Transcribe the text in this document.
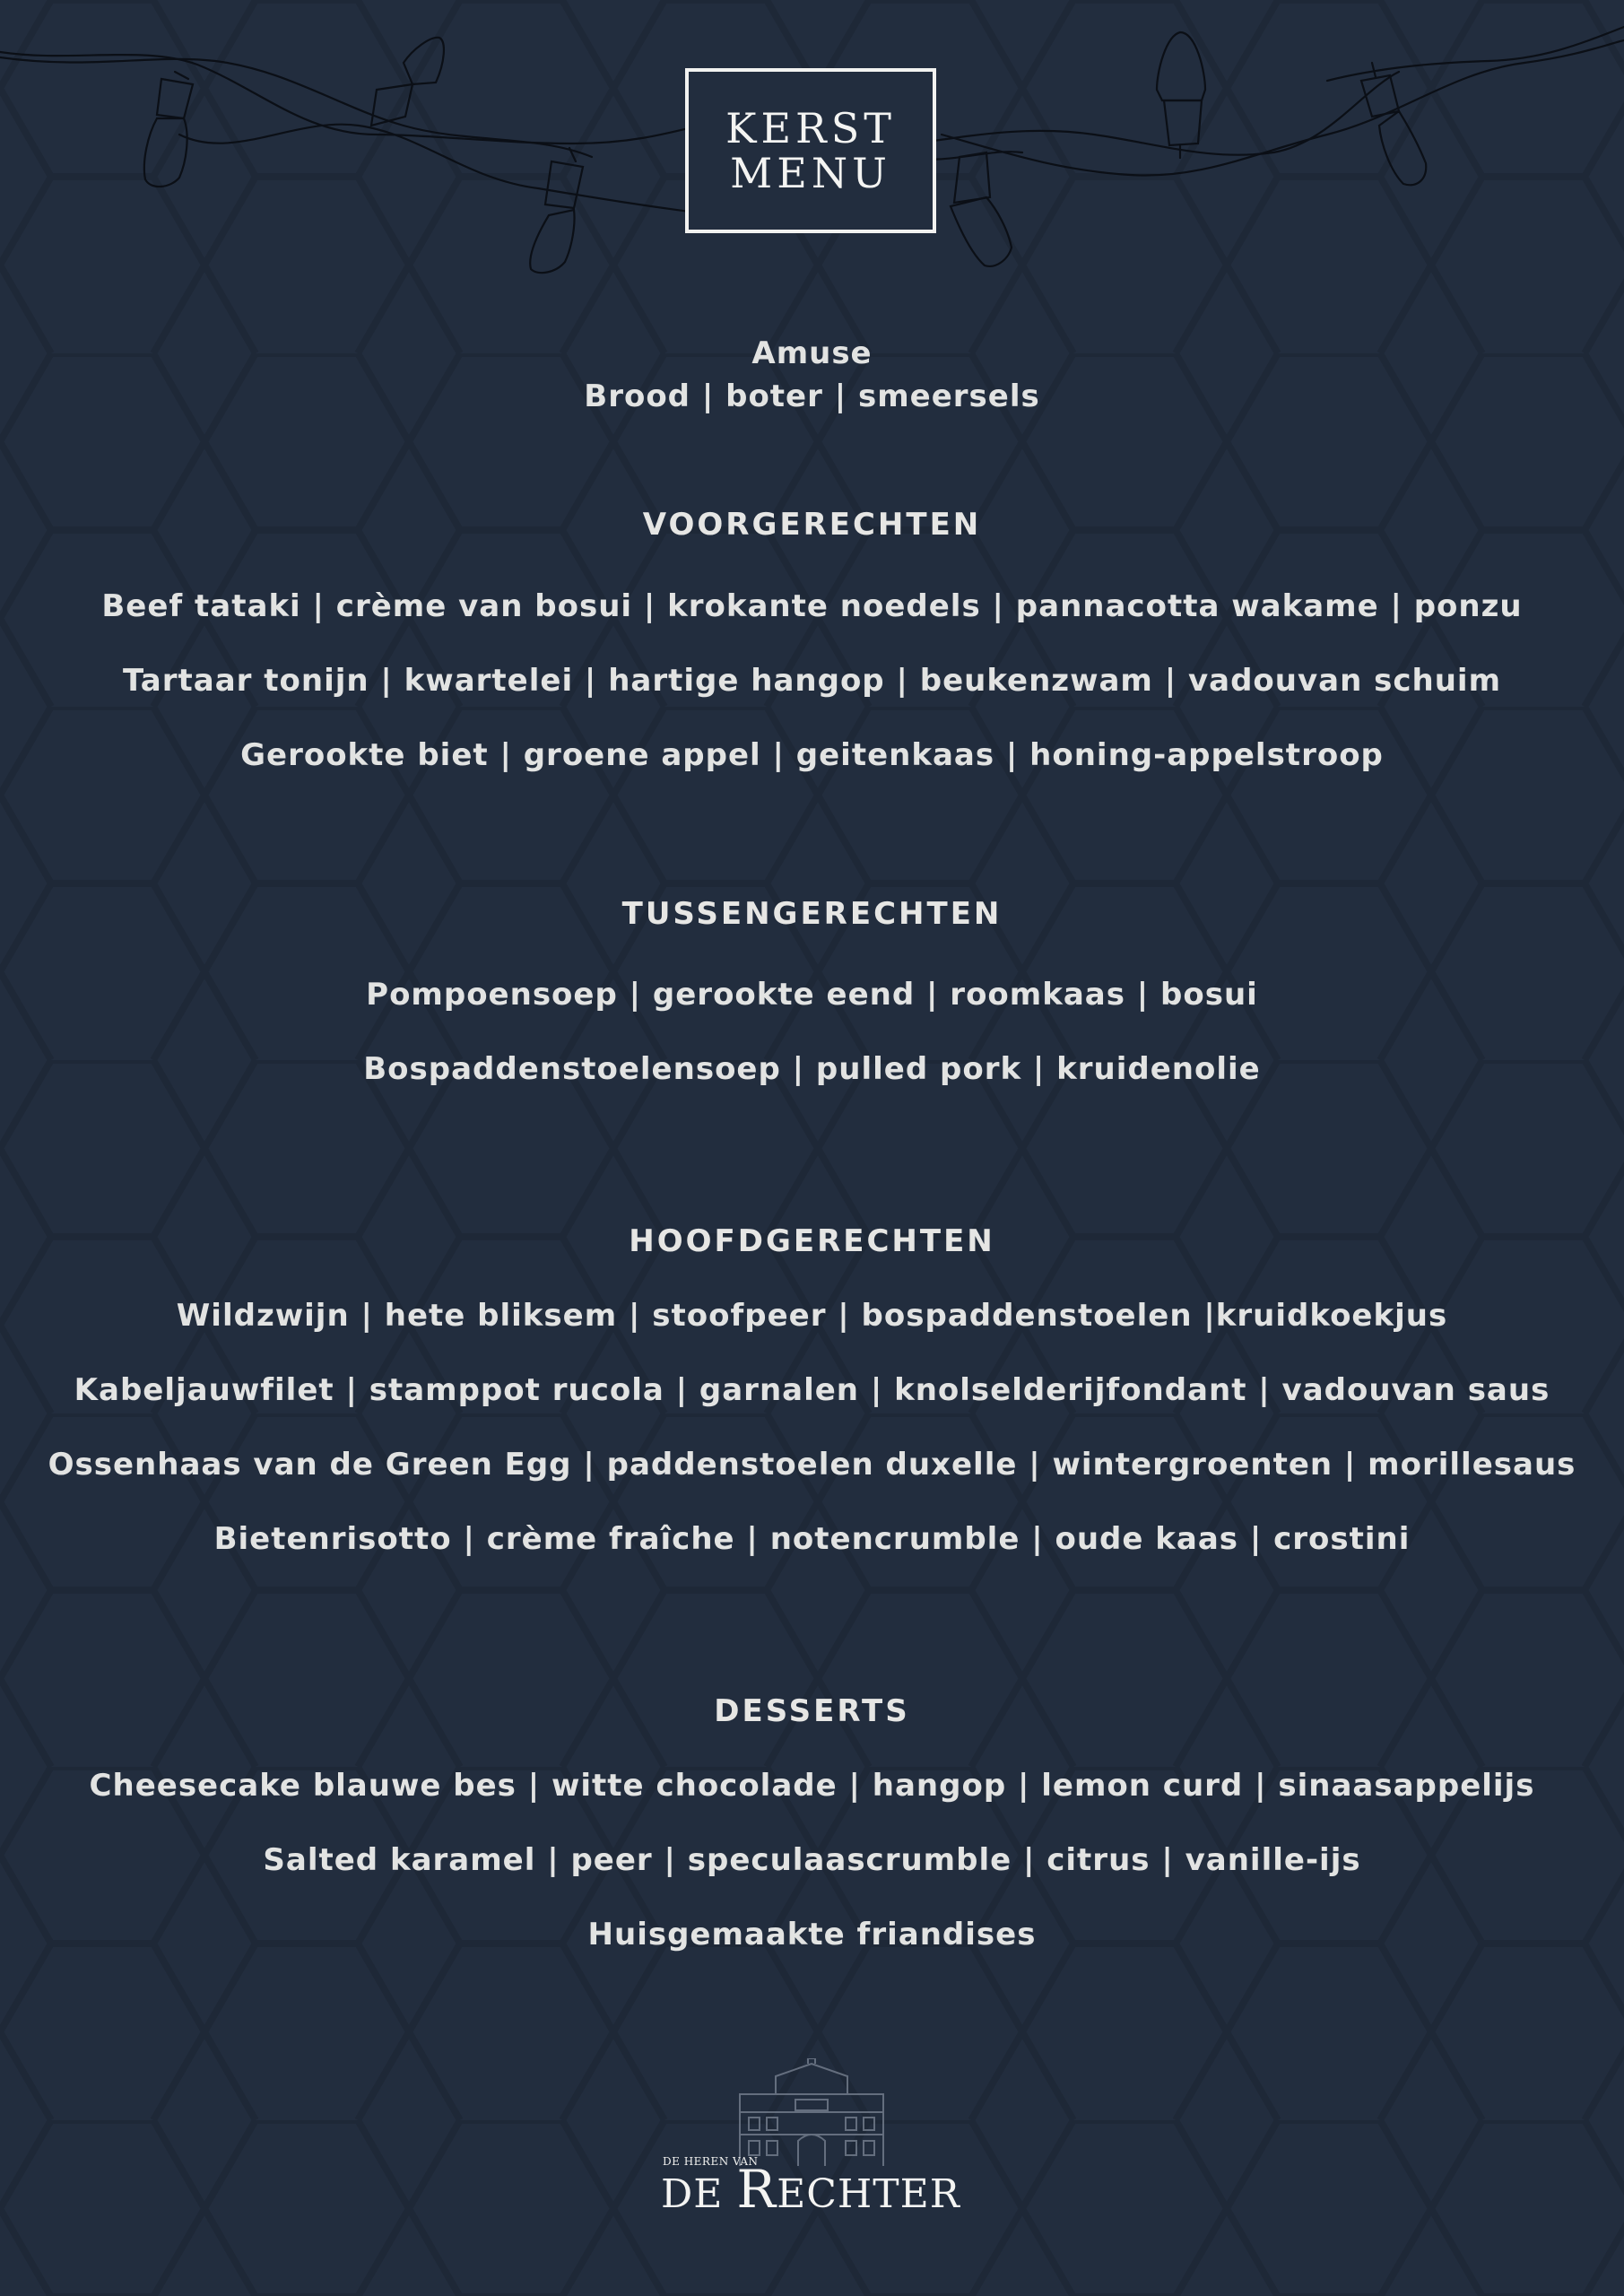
KERST
MENU
Amuse
Brood | boter | smeersels
VOORGERECHTEN
Beef tataki | crème van bosui | krokante noedels | pannacotta wakame | ponzu
Tartaar tonijn | kwartelei | hartige hangop | beukenzwam | vadouvan schuim
Gerookte biet | groene appel | geitenkaas | honing-appelstroop
TUSSENGERECHTEN
Pompoensoep | gerookte eend | roomkaas | bosui
Bospaddenstoelensoep | pulled pork | kruidenolie
HOOFDGERECHTEN
Wildzwijn | hete bliksem | stoofpeer | bospaddenstoelen |kruidkoekjus
Kabeljauwfilet | stamppot rucola | garnalen | knolselderijfondant | vadouvan saus
Ossenhaas van de Green Egg | paddenstoelen duxelle | wintergroenten | morillesaus
Bietenrisotto | crème fraîche | notencrumble | oude kaas | crostini
DESSERTS
Cheesecake blauwe bes | witte chocolade | hangop | lemon curd | sinaasappelijs
Salted karamel | peer | speculaascrumble | citrus | vanille-ijs
Huisgemaakte friandises
DE HEREN VAN
DE RECHTER
